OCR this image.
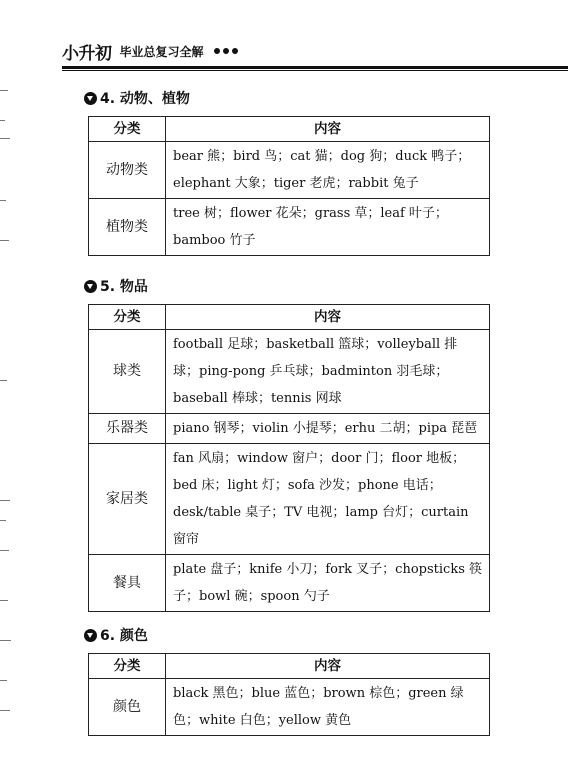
小升初 毕业总复习全解
4. 动物、植物
分类	内容
动物类	bear 熊；bird 鸟；cat 猫；dog 狗；duck 鸭子；elephant 大象；tiger 老虎；rabbit 兔子
植物类	tree 树；flower 花朵；grass 草；leaf 叶子；bamboo 竹子
5. 物品
分类	内容
球类	football 足球；basketball 篮球；volleyball 排球；ping-pong 乒乓球；badminton 羽毛球；baseball 棒球；tennis 网球
乐器类	piano 钢琴；violin 小提琴；erhu 二胡；pipa 琵琶
家居类	fan 风扇；window 窗户；door 门；floor 地板；bed 床；light 灯；sofa 沙发；phone 电话；desk/table 桌子；TV 电视；lamp 台灯；curtain 窗帘
餐具	plate 盘子；knife 小刀；fork 叉子；chopsticks 筷子；bowl 碗；spoon 勺子
6. 颜色
分类	内容
颜色	black 黑色；blue 蓝色；brown 棕色；green 绿色；white 白色；yellow 黄色
